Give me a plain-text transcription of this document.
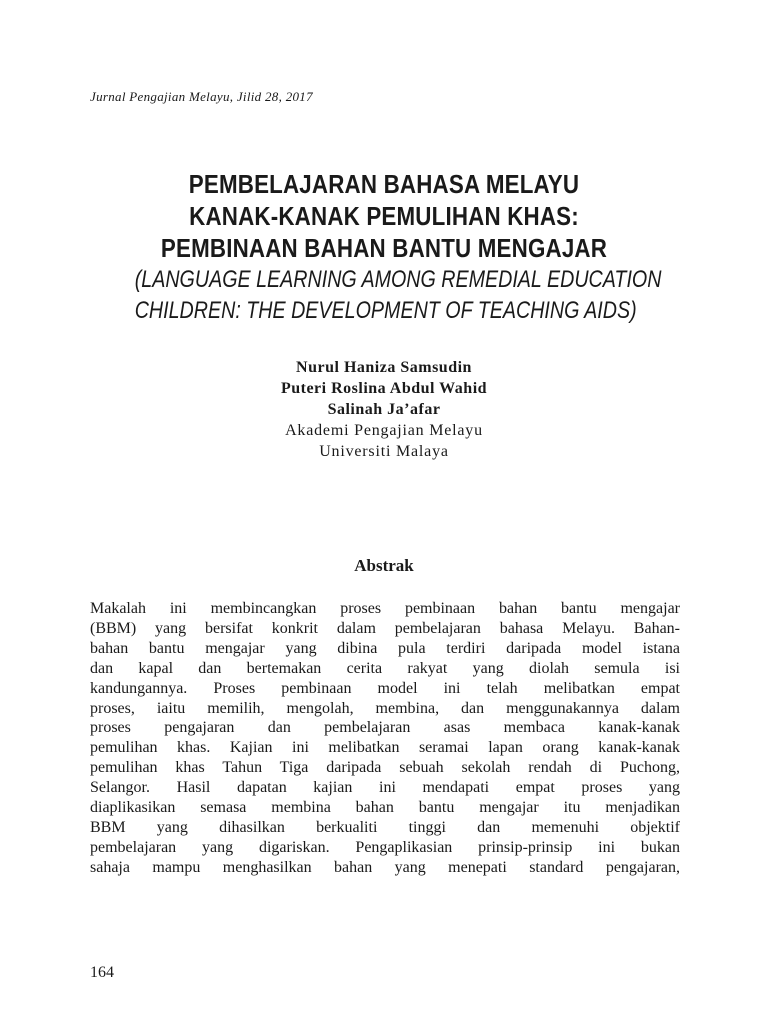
Jurnal Pengajian Melayu, Jilid 28, 2017
PEMBELAJARAN BAHASA MELAYU
KANAK-KANAK PEMULIHAN KHAS:
PEMBINAAN BAHAN BANTU MENGAJAR
(LANGUAGE LEARNING AMONG REMEDIAL EDUCATION
CHILDREN: THE DEVELOPMENT OF TEACHING AIDS)
Nurul Haniza Samsudin
Puteri Roslina Abdul Wahid
Salinah Ja’afar
Akademi Pengajian Melayu
Universiti Malaya
Abstrak
Makalah ini membincangkan proses pembinaan bahan bantu mengajar
(BBM) yang bersifat konkrit dalam pembelajaran bahasa Melayu. Bahan-
bahan bantu mengajar yang dibina pula terdiri daripada model istana
dan kapal dan bertemakan cerita rakyat yang diolah semula isi
kandungannya. Proses pembinaan model ini telah melibatkan empat
proses, iaitu memilih, mengolah, membina, dan menggunakannya dalam
proses pengajaran dan pembelajaran asas membaca kanak-kanak
pemulihan khas. Kajian ini melibatkan seramai lapan orang kanak-kanak
pemulihan khas Tahun Tiga daripada sebuah sekolah rendah di Puchong,
Selangor. Hasil dapatan kajian ini mendapati empat proses yang
diaplikasikan semasa membina bahan bantu mengajar itu menjadikan
BBM yang dihasilkan berkualiti tinggi dan memenuhi objektif
pembelajaran yang digariskan. Pengaplikasian prinsip-prinsip ini bukan
sahaja mampu menghasilkan bahan yang menepati standard pengajaran,
164
